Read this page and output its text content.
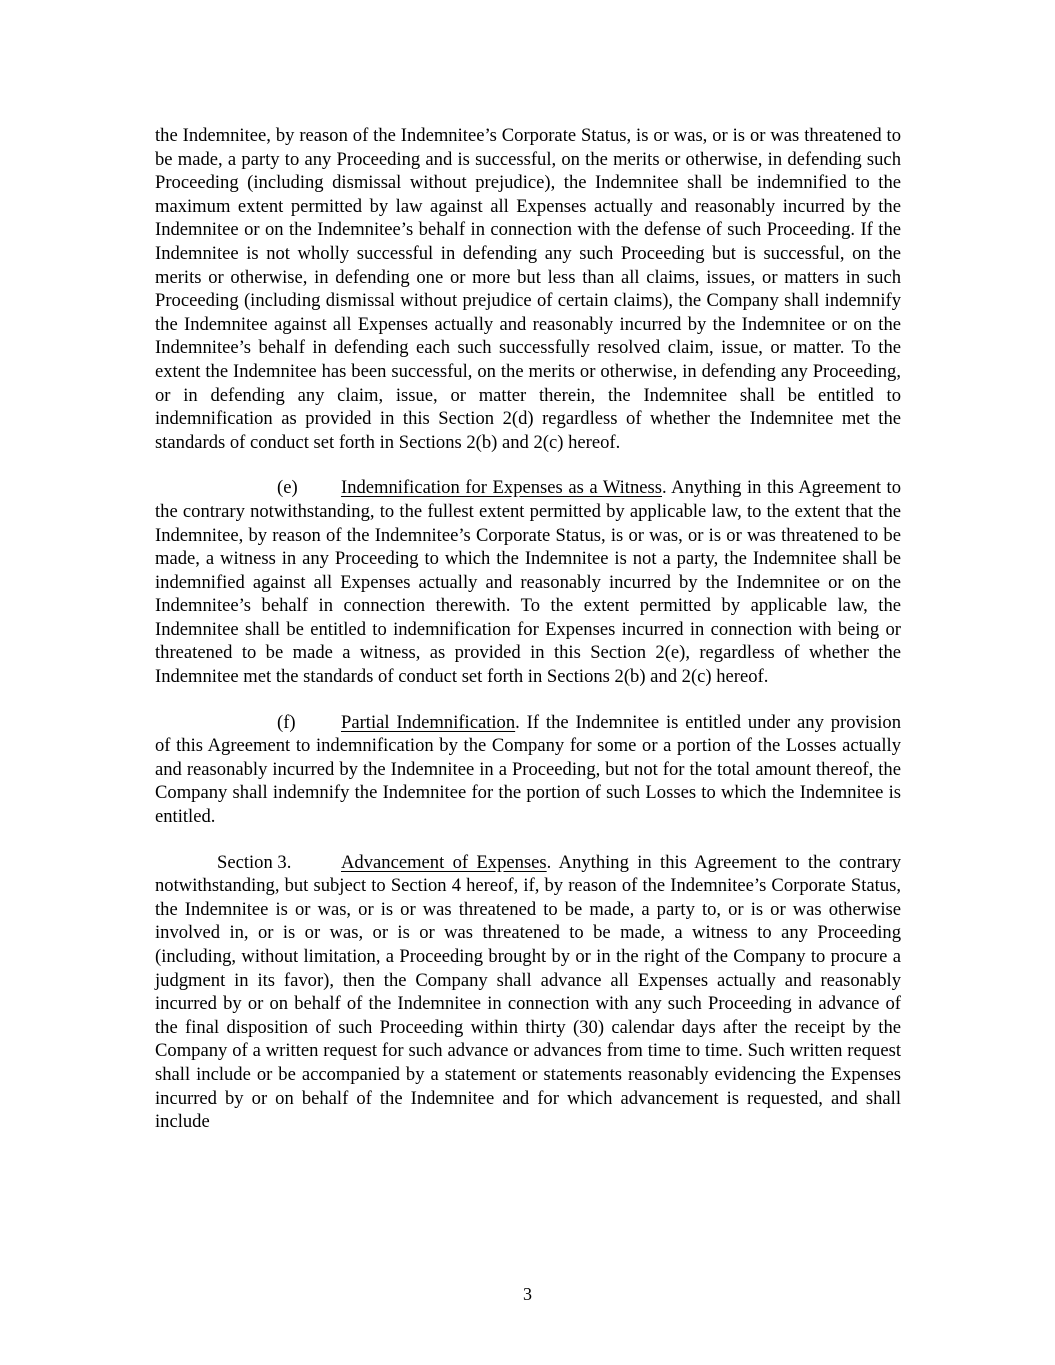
the Indemnitee, by reason of the Indemnitee’s Corporate Status, is or was, or is or was threatened to be made, a party to any Proceeding and is successful, on the merits or otherwise, in defending such Proceeding (including dismissal without prejudice), the Indemnitee shall be indemnified to the maximum extent permitted by law against all Expenses actually and reasonably incurred by the Indemnitee or on the Indemnitee’s behalf in connection with the defense of such Proceeding. If the Indemnitee is not wholly successful in defending any such Proceeding but is successful, on the merits or otherwise, in defending one or more but less than all claims, issues, or matters in such Proceeding (including dismissal without prejudice of certain claims), the Company shall indemnify the Indemnitee against all Expenses actually and reasonably incurred by the Indemnitee or on the Indemnitee’s behalf in defending each such successfully resolved claim, issue, or matter. To the extent the Indemnitee has been successful, on the merits or otherwise, in defending any Proceeding, or in defending any claim, issue, or matter therein, the Indemnitee shall be entitled to indemnification as provided in this Section 2(d) regardless of whether the Indemnitee met the standards of conduct set forth in Sections 2(b) and 2(c) hereof.

(e) Indemnification for Expenses as a Witness. Anything in this Agreement to the contrary notwithstanding, to the fullest extent permitted by applicable law, to the extent that the Indemnitee, by reason of the Indemnitee’s Corporate Status, is or was, or is or was threatened to be made, a witness in any Proceeding to which the Indemnitee is not a party, the Indemnitee shall be indemnified against all Expenses actually and reasonably incurred by the Indemnitee or on the Indemnitee’s behalf in connection therewith. To the extent permitted by applicable law, the Indemnitee shall be entitled to indemnification for Expenses incurred in connection with being or threatened to be made a witness, as provided in this Section 2(e), regardless of whether the Indemnitee met the standards of conduct set forth in Sections 2(b) and 2(c) hereof.

(f) Partial Indemnification. If the Indemnitee is entitled under any provision of this Agreement to indemnification by the Company for some or a portion of the Losses actually and reasonably incurred by the Indemnitee in a Proceeding, but not for the total amount thereof, the Company shall indemnify the Indemnitee for the portion of such Losses to which the Indemnitee is entitled.

Section 3.	Advancement of Expenses. Anything in this Agreement to the contrary notwithstanding, but subject to Section 4 hereof, if, by reason of the Indemnitee’s Corporate Status, the Indemnitee is or was, or is or was threatened to be made, a party to, or is or was otherwise involved in, or is or was, or is or was threatened to be made, a witness to any Proceeding (including, without limitation, a Proceeding brought by or in the right of the Company to procure a judgment in its favor), then the Company shall advance all Expenses actually and reasonably incurred by or on behalf of the Indemnitee in connection with any such Proceeding in advance of the final disposition of such Proceeding within thirty (30) calendar days after the receipt by the Company of a written request for such advance or advances from time to time. Such written request shall include or be accompanied by a statement or statements reasonably evidencing the Expenses incurred by or on behalf of the Indemnitee and for which advancement is requested, and shall include

3
